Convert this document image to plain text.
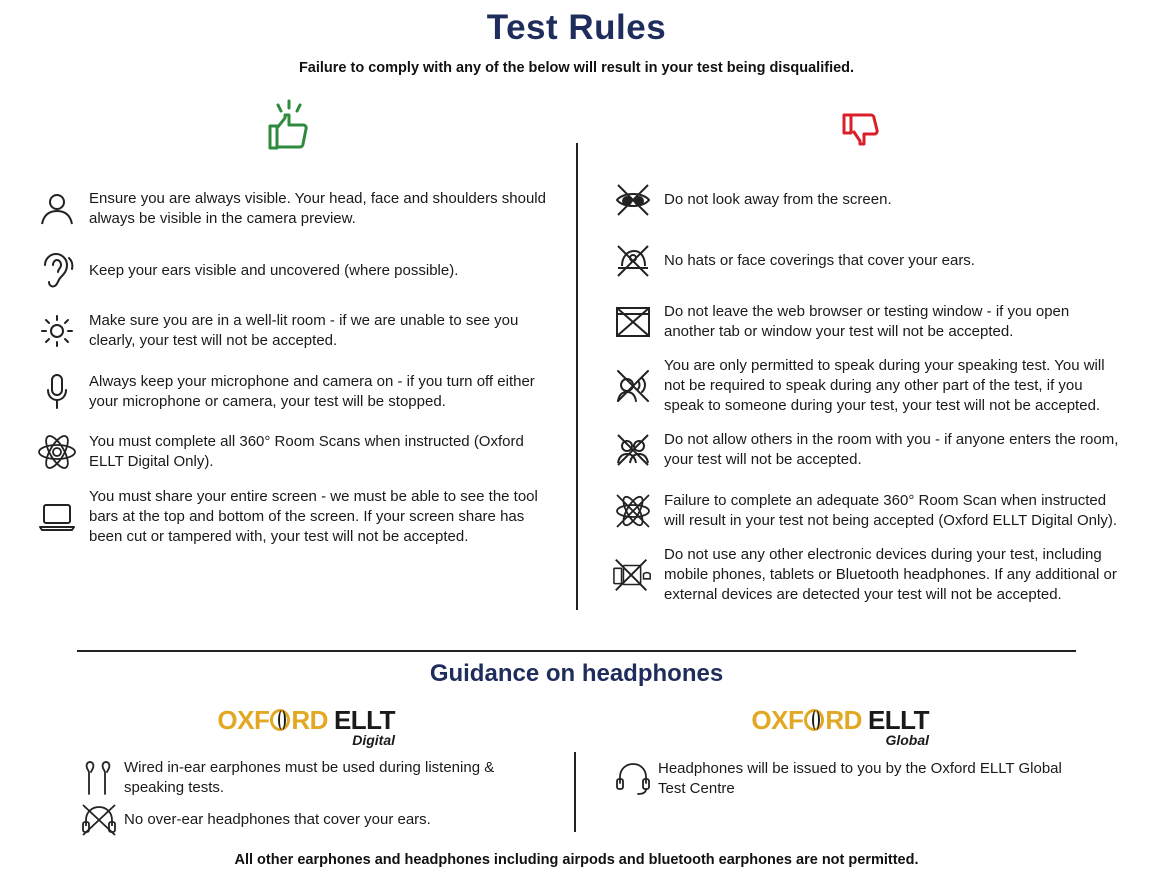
Test Rules
Failure to comply with any of the below will result in your test being disqualified.
Ensure you are always visible. Your head, face and shoulders should always be visible in the camera preview.
Keep your ears visible and uncovered (where possible).
Make sure you are in a well-lit room - if we are unable to see you clearly, your test will not be accepted.
Always keep your microphone and camera on - if you turn off either your microphone or camera, your test will be stopped.
You must complete all 360° Room Scans when instructed (Oxford ELLT Digital Only).
You must share your entire screen - we must be able to see the tool bars at the top and bottom of the screen. If your screen share has been cut or tampered with, your test will not be accepted.
Do not look away from the screen.
No hats or face coverings that cover your ears.
Do not leave the web browser or testing window - if you open another tab or window your test will not be accepted.
You are only permitted to speak during your speaking test. You will not be required to speak during any other part of the test, if you speak to someone during your test, your test will not be accepted.
Do not allow others in the room with you - if anyone enters the room, your test will not be accepted.
Failure to complete an adequate 360° Room Scan when instructed will result in your test not being accepted (Oxford ELLT Digital Only).
Do not use any other electronic devices during your test, including mobile phones, tablets or Bluetooth headphones. If any additional or external devices are detected your test will not be accepted.
Guidance on headphones
OXF RD ELLT
Digital
OXF RD ELLT
Global
Wired in-ear earphones must be used during listening & speaking tests.
No over-ear headphones that cover your ears.
Headphones will be issued to you by the Oxford ELLT Global Test Centre
All other earphones and headphones including airpods and bluetooth earphones are not permitted.
